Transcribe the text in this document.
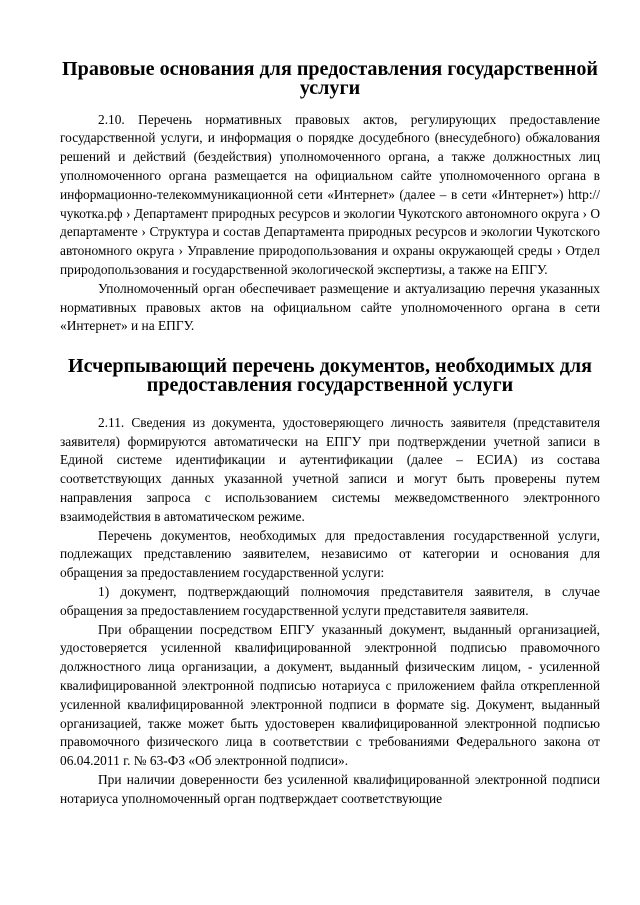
Правовые основания для предоставления государственной услуги

2.10. Перечень нормативных правовых актов, регулирующих предоставление государственной услуги, и информация о порядке досудебного (внесудебного) обжалования решений и действий (бездействия) уполномоченного органа, а также должностных лиц уполномоченного органа размещается на официальном сайте уполномоченного органа в информационно-телекоммуникационной сети «Интернет» (далее – в сети «Интернет») http://чукотка.рф › Департамент природных ресурсов и экологии Чукотского автономного округа › О департаменте › Структура и состав Департамента природных ресурсов и экологии Чукотского автономного округа › Управление природопользования и охраны окружающей среды › Отдел природопользования и государственной экологической экспертизы, а также на ЕПГУ.

Уполномоченный орган обеспечивает размещение и актуализацию перечня указанных нормативных правовых актов на официальном сайте уполномоченного органа в сети «Интернет» и на ЕПГУ.

Исчерпывающий перечень документов, необходимых для предоставления государственной услуги

2.11. Сведения из документа, удостоверяющего личность заявителя (представителя заявителя) формируются автоматически на ЕПГУ при подтверждении учетной записи в Единой системе идентификации и аутентификации (далее – ЕСИА) из состава соответствующих данных указанной учетной записи и могут быть проверены путем направления запроса с использованием системы межведомственного электронного взаимодействия в автоматическом режиме.

Перечень документов, необходимых для предоставления государственной услуги, подлежащих представлению заявителем, независимо от категории и основания для обращения за предоставлением государственной услуги:

1) документ, подтверждающий полномочия представителя заявителя, в случае обращения за предоставлением государственной услуги представителя заявителя.

При обращении посредством ЕПГУ указанный документ, выданный организацией, удостоверяется усиленной квалифицированной электронной подписью правомочного должностного лица организации, а документ, выданный физическим лицом, - усиленной квалифицированной электронной подписью нотариуса с приложением файла открепленной усиленной квалифицированной электронной подписи в формате sig. Документ, выданный организацией, также может быть удостоверен квалифицированной электронной подписью правомочного физического лица в соответствии с требованиями Федерального закона от 06.04.2011 г. № 63-ФЗ «Об электронной подписи».

При наличии доверенности без усиленной квалифицированной электронной подписи нотариуса уполномоченный орган подтверждает соответствующие
